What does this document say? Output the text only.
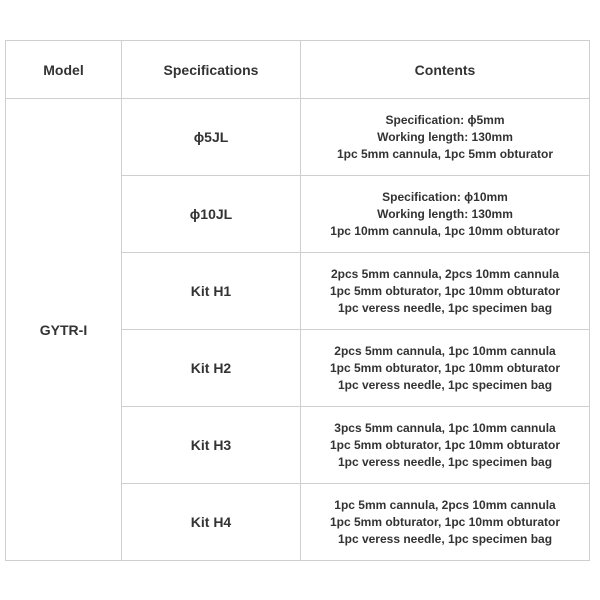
Model	Specifications	Contents
GYTR-I	ϕ5JL	Specification: ϕ5mm
Working length: 130mm
1pc 5mm cannula, 1pc 5mm obturator

	ϕ10JL	Specification: ϕ10mm
Working length: 130mm
1pc 10mm cannula, 1pc 10mm obturator

	Kit H1	2pcs 5mm cannula, 2pcs 10mm cannula
1pc 5mm obturator, 1pc 10mm obturator
1pc veress needle, 1pc specimen bag

	Kit H2	2pcs 5mm cannula, 1pc 10mm cannula
1pc 5mm obturator, 1pc 10mm obturator
1pc veress needle, 1pc specimen bag

	Kit H3	3pcs 5mm cannula, 1pc 10mm cannula
1pc 5mm obturator, 1pc 10mm obturator
1pc veress needle, 1pc specimen bag

	Kit H4	1pc 5mm cannula, 2pcs 10mm cannula
1pc 5mm obturator, 1pc 10mm obturator
1pc veress needle, 1pc specimen bag
